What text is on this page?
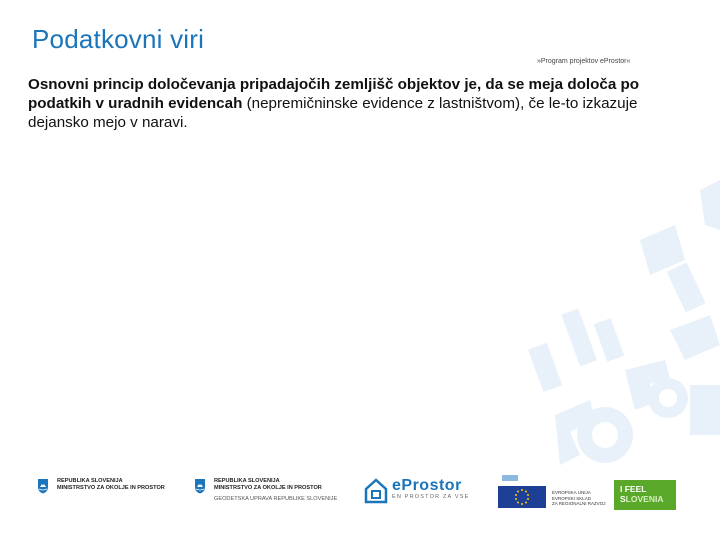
Podatkovni viri
»Program projektov eProstor«
Osnovni princip določevanja pripadajočih zemljišč objektov je, da se meja določa po podatkih v uradnih evidencah (nepremičninske evidence z lastništvom), če le-to izkazuje dejansko mejo v naravi.
REPUBLIKA SLOVENIJA
MINISTRSTVO ZA OKOLJE IN PROSTOR
REPUBLIKA SLOVENIJA
MINISTRSTVO ZA OKOLJE IN PROSTOR
GEODETSKA UPRAVA REPUBLIKE SLOVENIJE
eProstor
EN PROSTOR ZA VSE
EVROPSKA UNIJA
EVROPSKI SKLAD
ZA REGIONALNI RAZVOJ
I FEEL
SLOVENIA
